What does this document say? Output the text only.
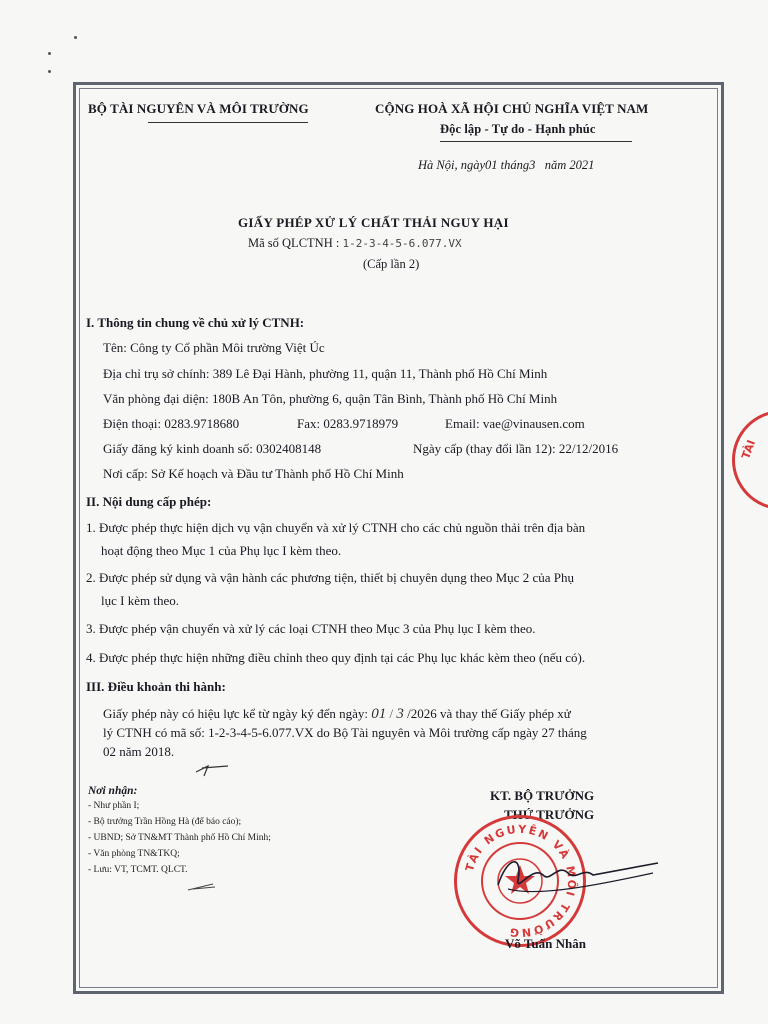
BỘ TÀI NGUYÊN VÀ MÔI TRƯỜNG	CỘNG HOÀ XÃ HỘI CHỦ NGHĨA VIỆT NAM
Độc lập - Tự do - Hạnh phúc
Hà Nội, ngày01 tháng3 năm 2021
GIẤY PHÉP XỬ LÝ CHẤT THẢI NGUY HẠI
Mã số QLCTNH : 1-2-3-4-5-6.077.VX
(Cấp lần 2)
I. Thông tin chung về chủ xử lý CTNH:
Tên: Công ty Cổ phần Môi trường Việt Úc
Địa chỉ trụ sở chính: 389 Lê Đại Hành, phường 11, quận 11, Thành phố Hồ Chí Minh
Văn phòng đại diện: 180B An Tôn, phường 6, quận Tân Bình, Thành phố Hồ Chí Minh
Điện thoại: 0283.9718680	Fax: 0283.9718979	Email: vae@vinausen.com
Giấy đăng ký kinh doanh số: 0302408148	Ngày cấp (thay đổi lần 12): 22/12/2016
Nơi cấp: Sở Kế hoạch và Đầu tư Thành phố Hồ Chí Minh
II. Nội dung cấp phép:
1. Được phép thực hiện dịch vụ vận chuyển và xử lý CTNH cho các chủ nguồn thải trên địa bàn
hoạt động theo Mục 1 của Phụ lục I kèm theo.
2. Được phép sử dụng và vận hành các phương tiện, thiết bị chuyên dụng theo Mục 2 của Phụ
lục I kèm theo.
3. Được phép vận chuyển và xử lý các loại CTNH theo Mục 3 của Phụ lục I kèm theo.
4. Được phép thực hiện những điều chỉnh theo quy định tại các Phụ lục khác kèm theo (nếu có).
III. Điều khoản thi hành:
Giấy phép này có hiệu lực kể từ ngày ký đến ngày: 01 / 3 /2026 và thay thế Giấy phép xử
lý CTNH có mã số: 1-2-3-4-5-6.077.VX do Bộ Tài nguyên và Môi trường cấp ngày 27 tháng
02 năm 2018.
Nơi nhận:
- Như phần I;
- Bộ trưởng Trần Hồng Hà (để báo cáo);
- UBND; Sở TN&MT Thành phố Hồ Chí Minh;
- Văn phòng TN&TKQ;
- Lưu: VT, TCMT. QLCT.
KT. BỘ TRƯỞNG
THỨ TRƯỞNG
TÀI NGUYÊN VÀ MÔI TRƯỜNG
Võ Tuấn Nhân
TÀI
